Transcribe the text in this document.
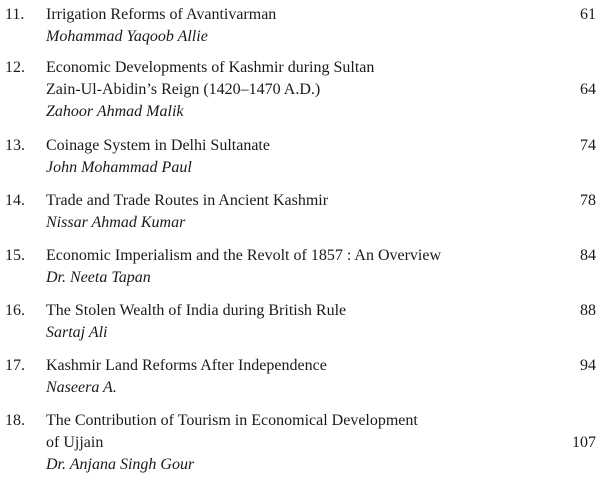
11. Irrigation Reforms of Avantivarman
Mohammad Yaqoob Allie
61
12. Economic Developments of Kashmir during Sultan
Zain-Ul-Abidin’s Reign (1420–1470 A.D.)
Zahoor Ahmad Malik
64
13. Coinage System in Delhi Sultanate
John Mohammad Paul
74
14. Trade and Trade Routes in Ancient Kashmir
Nissar Ahmad Kumar
78
15. Economic Imperialism and the Revolt of 1857 : An Overview
Dr. Neeta Tapan
84
16. The Stolen Wealth of India during British Rule
Sartaj Ali
88
17. Kashmir Land Reforms After Independence
Naseera A.
94
18. The Contribution of Tourism in Economical Development
of Ujjain
Dr. Anjana Singh Gour
107
